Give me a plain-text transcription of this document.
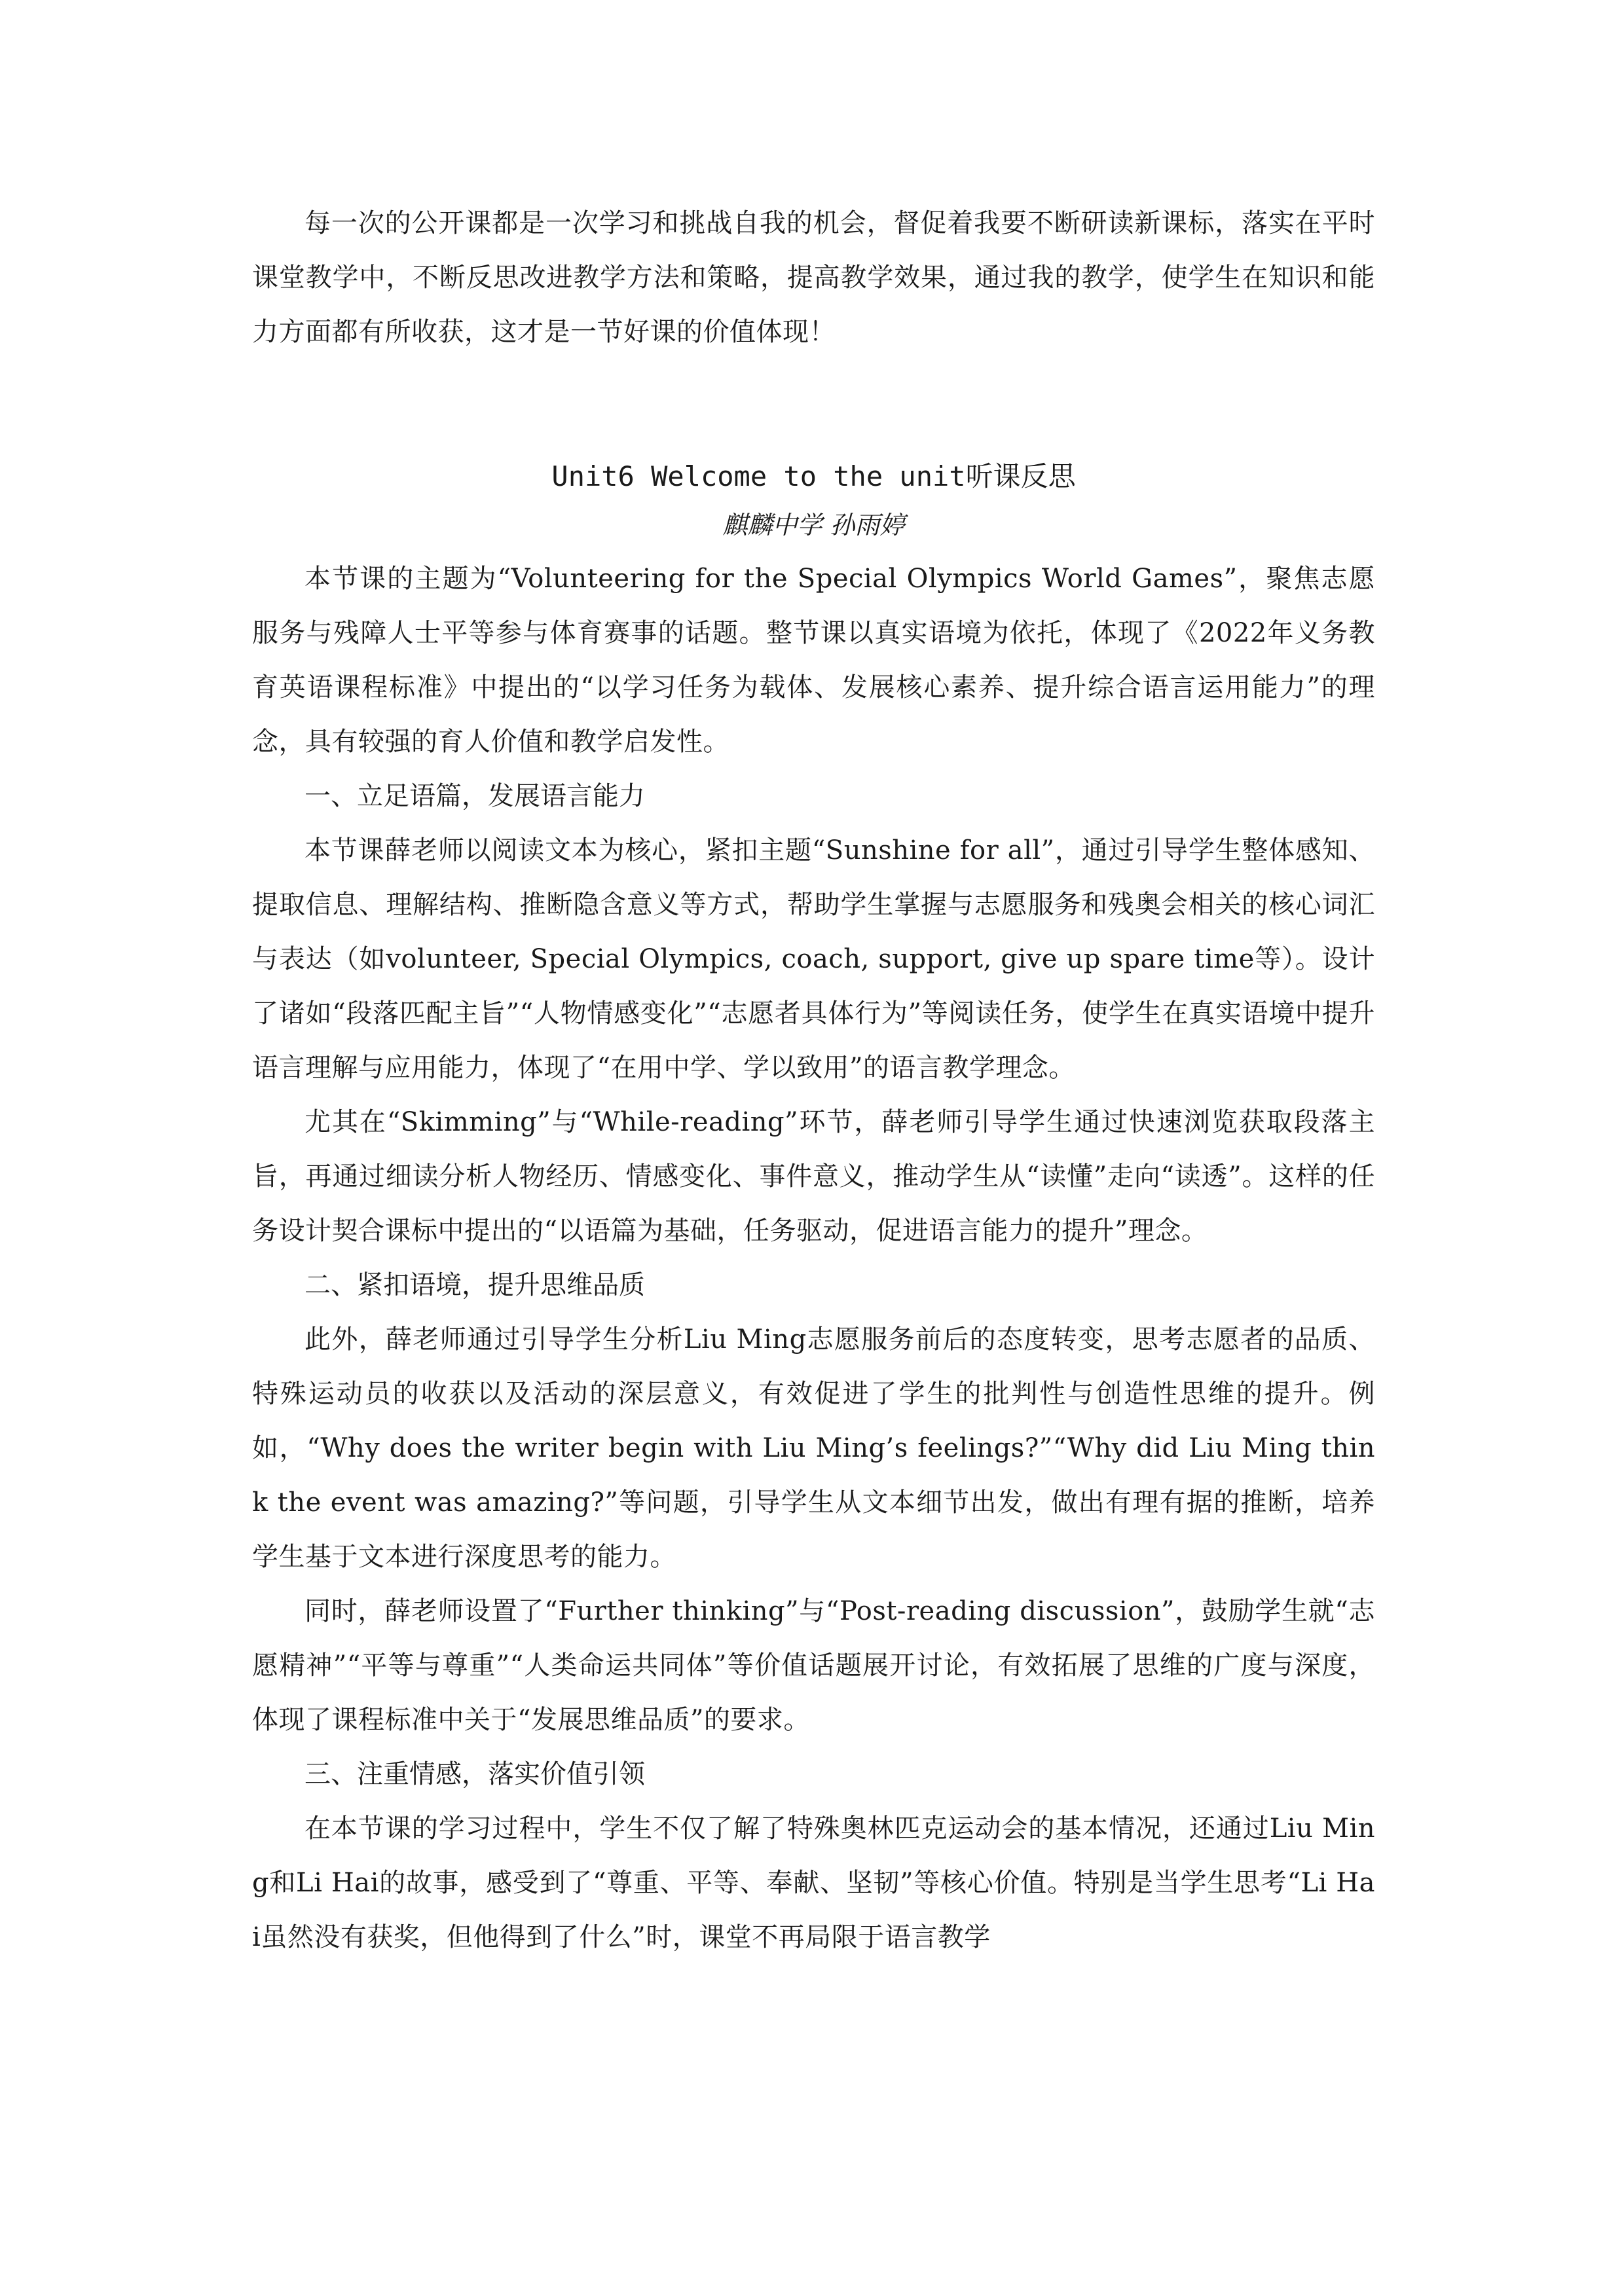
每一次的公开课都是一次学习和挑战自我的机会，督促着我要不断研读新课标，落实在平时课堂教学中，不断反思改进教学方法和策略，提高教学效果，通过我的教学，使学生在知识和能力方面都有所收获，这才是一节好课的价值体现！

Unit6 Welcome to the unit听课反思

麒麟中学 孙雨婷

本节课的主题为“Volunteering for the Special Olympics World Games”，聚焦志愿服务与残障人士平等参与体育赛事的话题。整节课以真实语境为依托，体现了《2022年义务教育英语课程标准》中提出的“以学习任务为载体、发展核心素养、提升综合语言运用能力”的理念，具有较强的育人价值和教学启发性。

一、立足语篇，发展语言能力

本节课薛老师以阅读文本为核心，紧扣主题“Sunshine for all”，通过引导学生整体感知、提取信息、理解结构、推断隐含意义等方式，帮助学生掌握与志愿服务和残奥会相关的核心词汇与表达（如volunteer, Special Olympics, coach, support, give up spare time等）。设计了诸如“段落匹配主旨”“人物情感变化”“志愿者具体行为”等阅读任务，使学生在真实语境中提升语言理解与应用能力，体现了“在用中学、学以致用”的语言教学理念。

尤其在“Skimming”与“While-reading”环节，薛老师引导学生通过快速浏览获取段落主旨，再通过细读分析人物经历、情感变化、事件意义，推动学生从“读懂”走向“读透”。这样的任务设计契合课标中提出的“以语篇为基础，任务驱动，促进语言能力的提升”理念。

二、紧扣语境，提升思维品质

此外，薛老师通过引导学生分析Liu Ming志愿服务前后的态度转变，思考志愿者的品质、特殊运动员的收获以及活动的深层意义，有效促进了学生的批判性与创造性思维的提升。例如，“Why does the writer begin with Liu Ming’s feelings?”“Why did Liu Ming think the event was amazing?”等问题，引导学生从文本细节出发，做出有理有据的推断，培养学生基于文本进行深度思考的能力。

同时，薛老师设置了“Further thinking”与“Post-reading discussion”，鼓励学生就“志愿精神”“平等与尊重”“人类命运共同体”等价值话题展开讨论，有效拓展了思维的广度与深度，体现了课程标准中关于“发展思维品质”的要求。

三、注重情感，落实价值引领

在本节课的学习过程中，学生不仅了解了特殊奥林匹克运动会的基本情况，还通过Liu Ming和Li Hai的故事，感受到了“尊重、平等、奉献、坚韧”等核心价值。特别是当学生思考“Li Hai虽然没有获奖，但他得到了什么”时，课堂不再局限于语言教学
